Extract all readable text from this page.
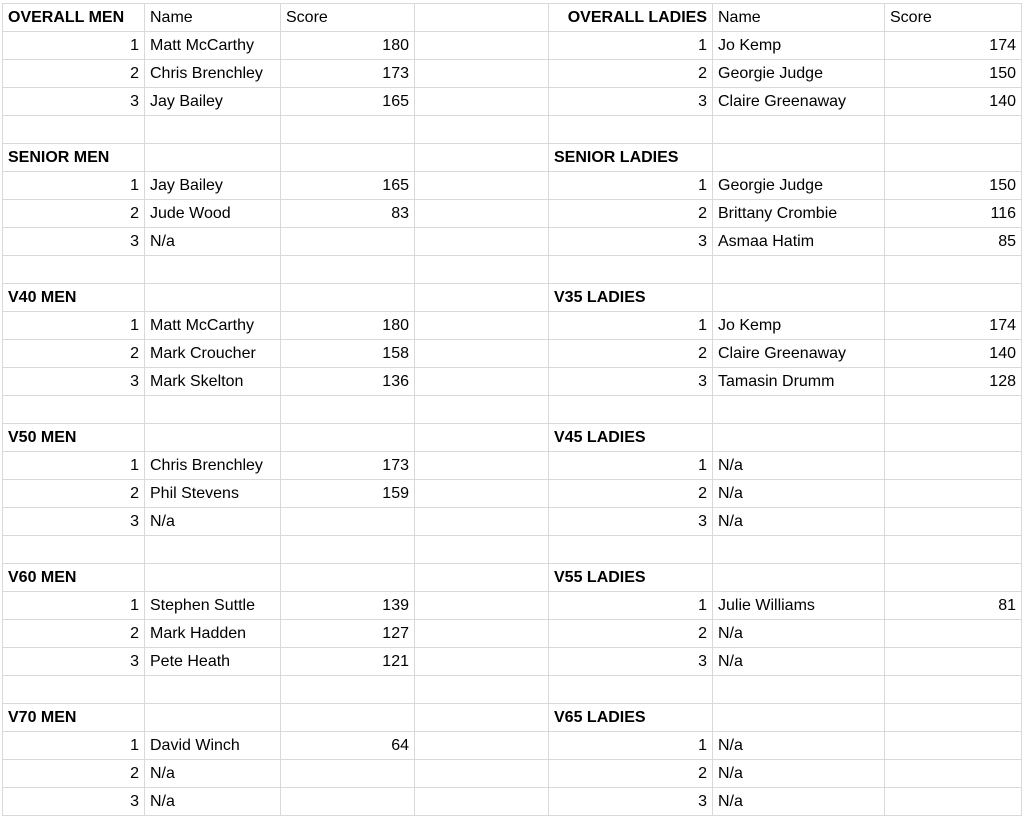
OVERALL MEN	Name	Score		OVERALL LADIES	Name	Score
1	Matt McCarthy	180		1	Jo Kemp	174
2	Chris Brenchley	173		2	Georgie Judge	150
3	Jay Bailey	165		3	Claire Greenaway	140

SENIOR MEN				SENIOR LADIES		
1	Jay Bailey	165		1	Georgie Judge	150
2	Jude Wood	83		2	Brittany Crombie	116
3	N/a			3	Asmaa Hatim	85

V40 MEN				V35 LADIES		
1	Matt McCarthy	180		1	Jo Kemp	174
2	Mark Croucher	158		2	Claire Greenaway	140
3	Mark Skelton	136		3	Tamasin Drumm	128

V50 MEN				V45 LADIES		
1	Chris Brenchley	173		1	N/a	
2	Phil Stevens	159		2	N/a	
3	N/a			3	N/a	

V60 MEN				V55 LADIES		
1	Stephen Suttle	139		1	Julie Williams	81
2	Mark Hadden	127		2	N/a	
3	Pete Heath	121		3	N/a	

V70 MEN				V65 LADIES		
1	David Winch	64		1	N/a	
2	N/a			2	N/a	
3	N/a			3	N/a	
